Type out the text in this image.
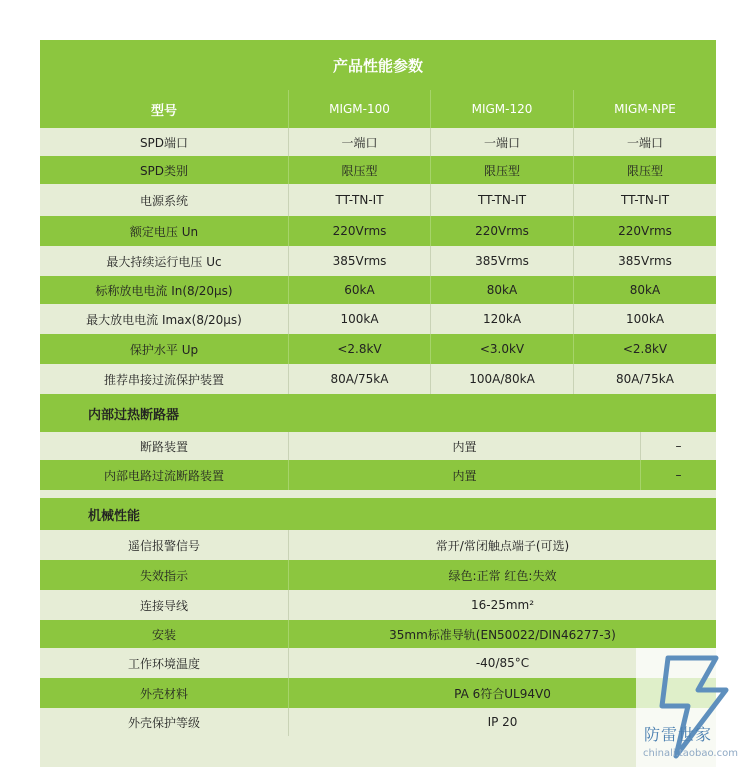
产品性能参数
型号	MIGM-100	MIGM-120	MIGM-NPE
SPD端口	一端口	一端口	一端口
SPD类别	限压型	限压型	限压型
电源系统	TT-TN-IT	TT-TN-IT	TT-TN-IT
额定电压 Un	220Vrms	220Vrms	220Vrms
最大持续运行电压 Uc	385Vrms	385Vrms	385Vrms
标称放电电流 In(8/20μs)	60kA	80kA	80kA
最大放电电流 Imax(8/20μs)	100kA	120kA	100kA
保护水平 Up	<2.8kV	<3.0kV	<2.8kV
推荐串接过流保护装置	80A/75kA	100A/80kA	80A/75kA
内部过热断路器
断路装置	内置	–
内部电路过流断路装置	内置	–
机械性能
遥信报警信号	常开/常闭触点端子(可选)
失效指示	绿色:正常 红色:失效
连接导线	16-25mm²
安装	35mm标准导轨(EN50022/DIN46277-3)
工作环境温度	-40/85°C
外壳材料	PA 6符合UL94V0
外壳保护等级	IP 20
防雷世家
chinali.taobao.com
